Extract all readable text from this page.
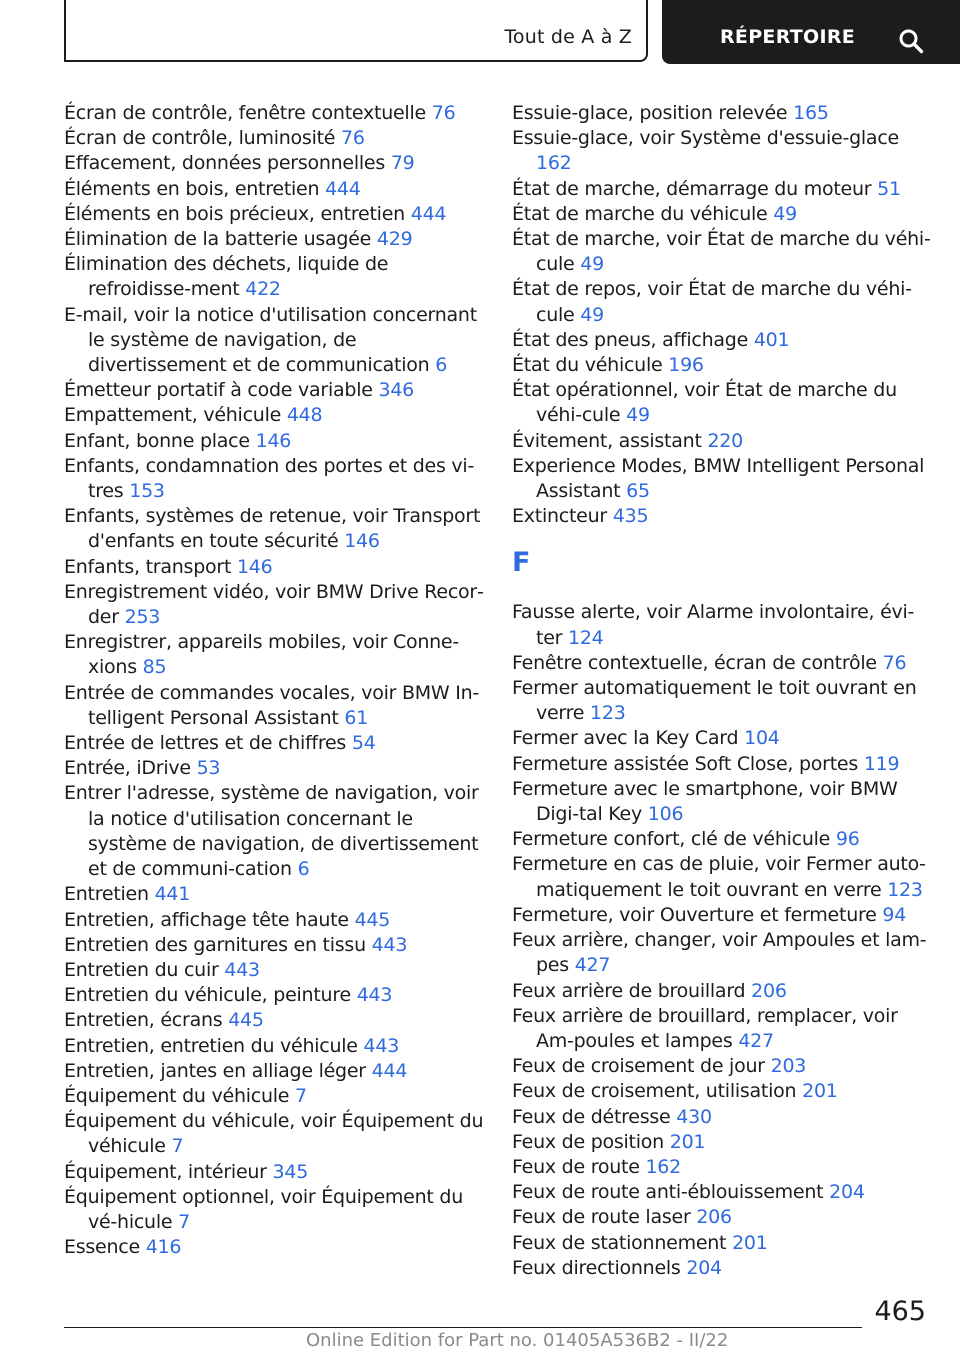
Tout de A à Z	RÉPERTOIRE
Écran de contrôle, fenêtre contextuelle 76
Écran de contrôle, luminosité 76
Effacement, données personnelles 79
Éléments en bois, entretien 444
Éléments en bois précieux, entretien 444
Élimination de la batterie usagée 429
Élimination des déchets, liquide de refroidisse‐ment 422
E-mail, voir la notice d'utilisation concernant le système de navigation, de divertissement et de communication 6
Émetteur portatif à code variable 346
Empattement, véhicule 448
Enfant, bonne place 146
Enfants, condamnation des portes et des vi‐tres 153
Enfants, systèmes de retenue, voir Transport d'enfants en toute sécurité 146
Enfants, transport 146
Enregistrement vidéo, voir BMW Drive Recor‐der 253
Enregistrer, appareils mobiles, voir Conne‐xions 85
Entrée de commandes vocales, voir BMW In‐telligent Personal Assistant 61
Entrée de lettres et de chiffres 54
Entrée, iDrive 53
Entrer l'adresse, système de navigation, voir la notice d'utilisation concernant le système de navigation, de divertissement et de communi‐cation 6
Entretien 441
Entretien, affichage tête haute 445
Entretien des garnitures en tissu 443
Entretien du cuir 443
Entretien du véhicule, peinture 443
Entretien, écrans 445
Entretien, entretien du véhicule 443
Entretien, jantes en alliage léger 444
Équipement du véhicule 7
Équipement du véhicule, voir Équipement du véhicule 7
Équipement, intérieur 345
Équipement optionnel, voir Équipement du vé‐hicule 7
Essence 416
Essuie-glace, position relevée 165
Essuie-glace, voir Système d'essuie-glace 162
État de marche, démarrage du moteur 51
État de marche du véhicule 49
État de marche, voir État de marche du véhi‐cule 49
État de repos, voir État de marche du véhi‐cule 49
État des pneus, affichage 401
État du véhicule 196
État opérationnel, voir État de marche du véhi‐cule 49
Évitement, assistant 220
Experience Modes, BMW Intelligent Personal Assistant 65
Extincteur 435
F
Fausse alerte, voir Alarme involontaire, évi‐ter 124
Fenêtre contextuelle, écran de contrôle 76
Fermer automatiquement le toit ouvrant en verre 123
Fermer avec la Key Card 104
Fermeture assistée Soft Close, portes 119
Fermeture avec le smartphone, voir BMW Digi‐tal Key 106
Fermeture confort, clé de véhicule 96
Fermeture en cas de pluie, voir Fermer auto‐matiquement le toit ouvrant en verre 123
Fermeture, voir Ouverture et fermeture 94
Feux arrière, changer, voir Ampoules et lam‐pes 427
Feux arrière de brouillard 206
Feux arrière de brouillard, remplacer, voir Am‐poules et lampes 427
Feux de croisement de jour 203
Feux de croisement, utilisation 201
Feux de détresse 430
Feux de position 201
Feux de route 162
Feux de route anti-éblouissement 204
Feux de route laser 206
Feux de stationnement 201
Feux directionnels 204
465
Online Edition for Part no. 01405A536B2 - II/22
